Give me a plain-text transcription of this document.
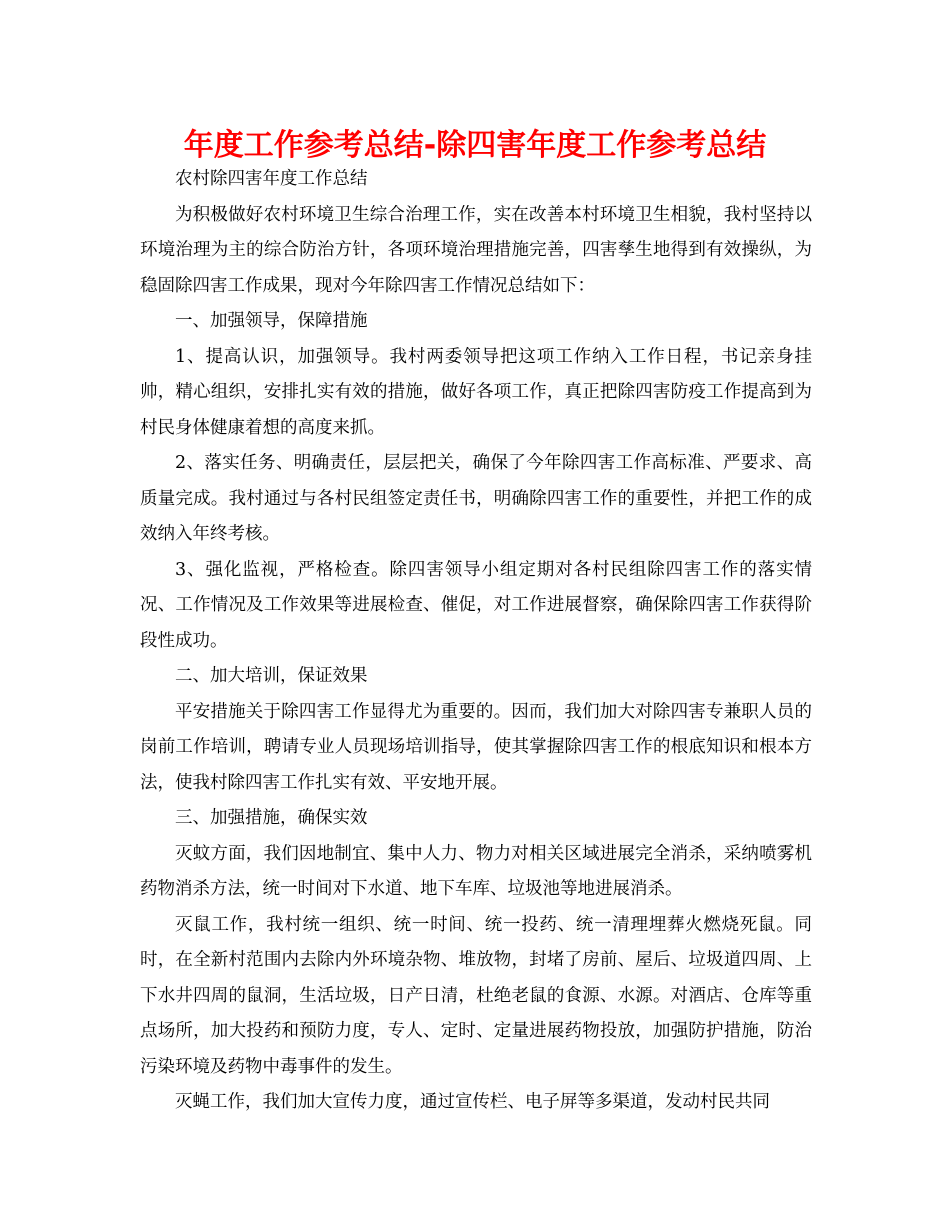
年度工作参考总结-除四害年度工作参考总结

农村除四害年度工作总结

为积极做好农村环境卫生综合治理工作，实在改善本村环境卫生相貌，我村坚持以环境治理为主的综合防治方针，各项环境治理措施完善，四害孳生地得到有效操纵，为稳固除四害工作成果，现对今年除四害工作情况总结如下：

一、加强领导，保障措施

1、提高认识，加强领导。我村两委领导把这项工作纳入工作日程，书记亲身挂帅，精心组织，安排扎实有效的措施，做好各项工作，真正把除四害防疫工作提高到为村民身体健康着想的高度来抓。

2、落实任务、明确责任，层层把关，确保了今年除四害工作高标准、严要求、高质量完成。我村通过与各村民组签定责任书，明确除四害工作的重要性，并把工作的成效纳入年终考核。

3、强化监视，严格检查。除四害领导小组定期对各村民组除四害工作的落实情况、工作情况及工作效果等进展检查、催促，对工作进展督察，确保除四害工作获得阶段性成功。

二、加大培训，保证效果

平安措施关于除四害工作显得尤为重要的。因而，我们加大对除四害专兼职人员的岗前工作培训，聘请专业人员现场培训指导，使其掌握除四害工作的根底知识和根本方法，使我村除四害工作扎实有效、平安地开展。

三、加强措施，确保实效

灭蚊方面，我们因地制宜、集中人力、物力对相关区域进展完全消杀，采纳喷雾机药物消杀方法，统一时间对下水道、地下车库、垃圾池等地进展消杀。

灭鼠工作，我村统一组织、统一时间、统一投药、统一清理埋葬火燃烧死鼠。同时，在全新村范围内去除内外环境杂物、堆放物，封堵了房前、屋后、垃圾道四周、上下水井四周的鼠洞，生活垃圾，日产日清，杜绝老鼠的食源、水源。对酒店、仓库等重点场所，加大投药和预防力度，专人、定时、定量进展药物投放，加强防护措施，防治污染环境及药物中毒事件的发生。

灭蝇工作，我们加大宣传力度，通过宣传栏、电子屏等多渠道，发动村民共同
